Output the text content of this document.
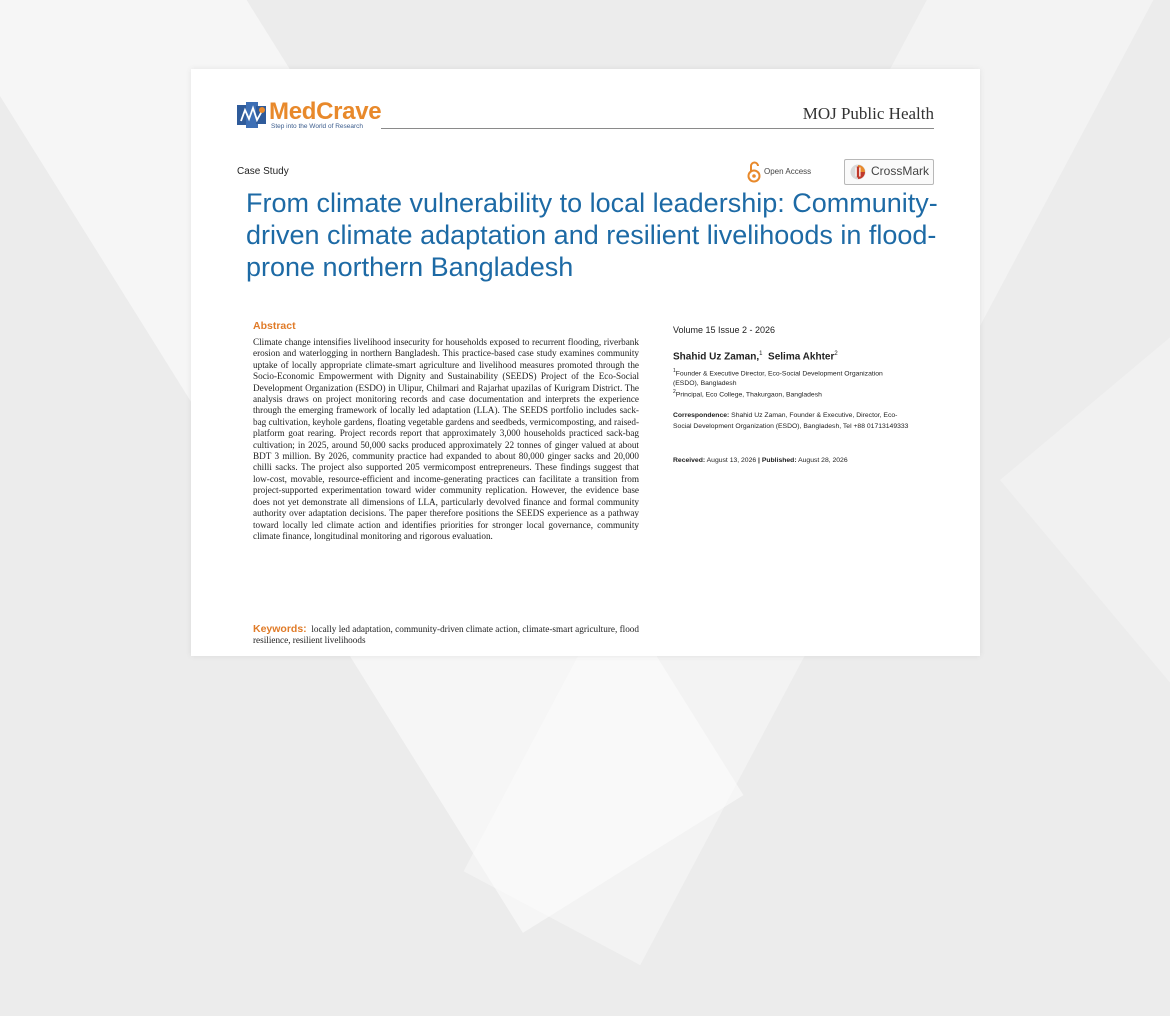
MedCrave
Step into the World of Research
MOJ Public Health
Case Study	Open Access	CrossMark
From climate vulnerability to local leadership: Community-driven climate adaptation and resilient livelihoods in flood-prone northern Bangladesh
Abstract

Climate change intensifies livelihood insecurity for households exposed to recurrent flooding, riverbank erosion and waterlogging in northern Bangladesh. This practice-based case study examines community uptake of locally appropriate climate-smart agriculture and livelihood measures promoted through the Socio-Economic Empowerment with Dignity and Sustainability (SEEDS) Project of the Eco-Social Development Organization (ESDO) in Ulipur, Chilmari and Rajarhat upazilas of Kurigram District. The analysis draws on project monitoring records and case documentation and interprets the experience through the emerging framework of locally led adaptation (LLA). The SEEDS portfolio includes sack-bag cultivation, keyhole gardens, floating vegetable gardens and seedbeds, vermicomposting, and raised-platform goat rearing. Project records report that approximately 3,000 households practiced sack-bag cultivation; in 2025, around 50,000 sacks produced approximately 22 tonnes of ginger valued at about BDT 3 million. By 2026, community practice had expanded to about 80,000 ginger sacks and 20,000 chilli sacks. The project also supported 205 vermicompost entrepreneurs. These findings suggest that low-cost, movable, resource-efficient and income-generating practices can facilitate a transition from project-supported experimentation toward wider community replication. However, the evidence base does not yet demonstrate all dimensions of LLA, particularly devolved finance and formal community authority over adaptation decisions. The paper therefore positions the SEEDS experience as a pathway toward locally led climate action and identifies priorities for stronger local governance, community climate finance, longitudinal monitoring and rigorous evaluation.

Keywords: locally led adaptation, community-driven climate action, climate-smart agriculture, flood resilience, resilient livelihoods

Volume 15 Issue 2 - 2026
Shahid Uz Zaman,$^1$ Selima Akhter$^2$
$^1$Founder & Executive Director, Eco-Social Development Organization (ESDO), Bangladesh
$^2$Principal, Eco College, Thakurgaon, Bangladesh
Correspondence: Shahid Uz Zaman, Founder & Executive, Director, Eco-Social Development Organization (ESDO), Bangladesh, Tel +88 01713149333
Received: August 13, 2026 | Published: August 28, 2026
